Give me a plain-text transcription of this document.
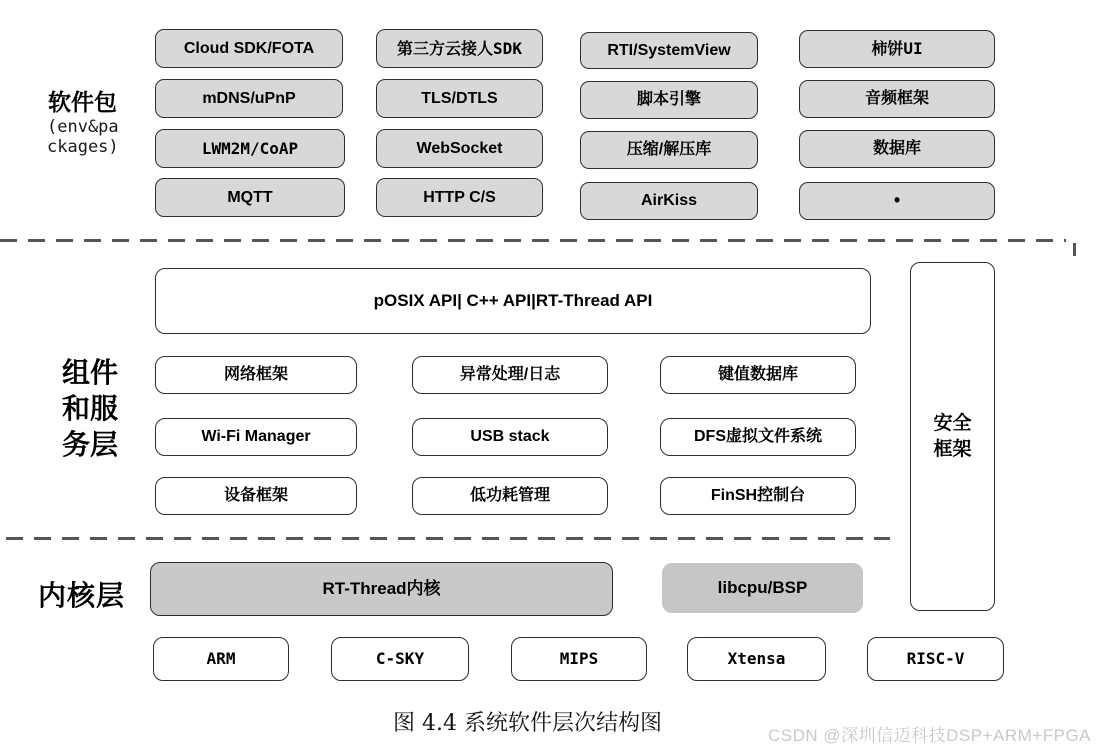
软件包
(env&pa
ckages)
组件
和服
务层
内核层
Cloud SDK/FOTA	第三方云接人SDK	RTI/SystemView	柿饼UI
mDNS/uPnP	TLS/DTLS	脚本引擎	音频框架
LWM2M/CoAP	WebSocket	压缩/解压库	数据库
MQTT	HTTP C/S	AirKiss	•
pOSIX API| C++ API|RT-Thread API
网络框架	异常处理/日志	键值数据库
Wi-Fi Manager	USB stack	DFS虚拟文件系统
设备框架	低功耗管理	FinSH控制台
安全
框架
RT-Thread内核	libcpu/BSP
ARM	C-SKY	MIPS	Xtensa	RISC-V
图 4.4 系统软件层次结构图	CSDN @深圳信迈科技DSP+ARM+FPGA
